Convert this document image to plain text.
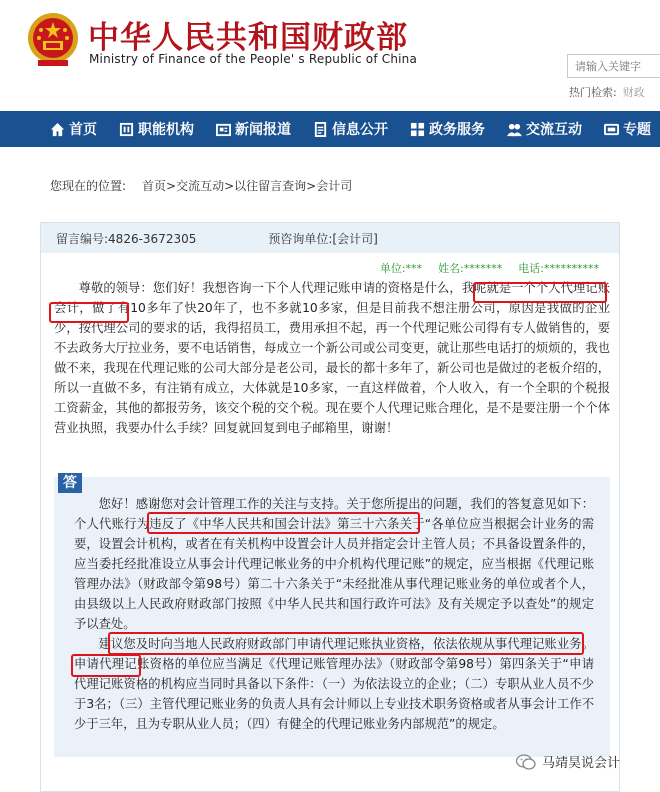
中华人民共和国财政部
Ministry of Finance of the People' s Republic of China
请输入关键字
热门检索: 财政
首页	职能机构	新闻报道	信息公开	政务服务	交流互动	专题
您现在的位置: 首页>交流互动>以往留言查询>会计司
留言编号:4826-3672305	预咨询单位:[会计司]
单位:*** 姓名:******* 电话:**********
尊敬的领导：您们好！我想咨询一下个人代理记账申请的资格是什么，我呢就是一个个人代理记账会计，做了有10多年了快20年了，也不多就10多家，但是目前我不想注册公司，原因是我做的企业少，按代理公司的要求的话，我得招员工，费用承担不起，再一个代理记账公司得有专人做销售的，要不去政务大厅拉业务，要不电话销售，每成立一个新公司或公司变更，就让那些电话打的烦烦的，我也做不来，我现在代理记账的公司大部分是老公司，最长的都十多年了，新公司也是做过的老板介绍的，所以一直做不多，有注销有成立，大体就是10多家，一直这样做着，个人收入，有一个全职的个税报工资薪金，其他的都报劳务，该交个税的交个税。现在要个人代理记账合理化，是不是要注册一个个体营业执照，我要办什么手续？回复就回复到电子邮箱里，谢谢！
答

您好！感谢您对会计管理工作的关注与支持。关于您所提出的问题，我们的答复意见如下：个人代账行为违反了《中华人民共和国会计法》第三十六条关于“各单位应当根据会计业务的需要，设置会计机构，或者在有关机构中设置会计人员并指定会计主管人员；不具备设置条件的，应当委托经批准设立从事会计代理记帐业务的中介机构代理记账”的规定，应当根据《代理记账管理办法》（财政部令第98号）第二十六条关于“未经批准从事代理记账业务的单位或者个人，由县级以上人民政府财政部门按照《中华人民共和国行政许可法》及有关规定予以查处”的规定予以查处。

建议您及时向当地人民政府财政部门申请代理记账执业资格，依法依规从事代理记账业务。申请代理记账资格的单位应当满足《代理记账管理办法》（财政部令第98号）第四条关于“申请代理记账资格的机构应当同时具备以下条件：（一）为依法设立的企业；（二）专职从业人员不少于3名；（三）主管代理记账业务的负责人具有会计师以上专业技术职务资格或者从事会计工作不少于三年，且为专职从业人员；（四）有健全的代理记账业务内部规范”的规定。

马靖昊说会计
